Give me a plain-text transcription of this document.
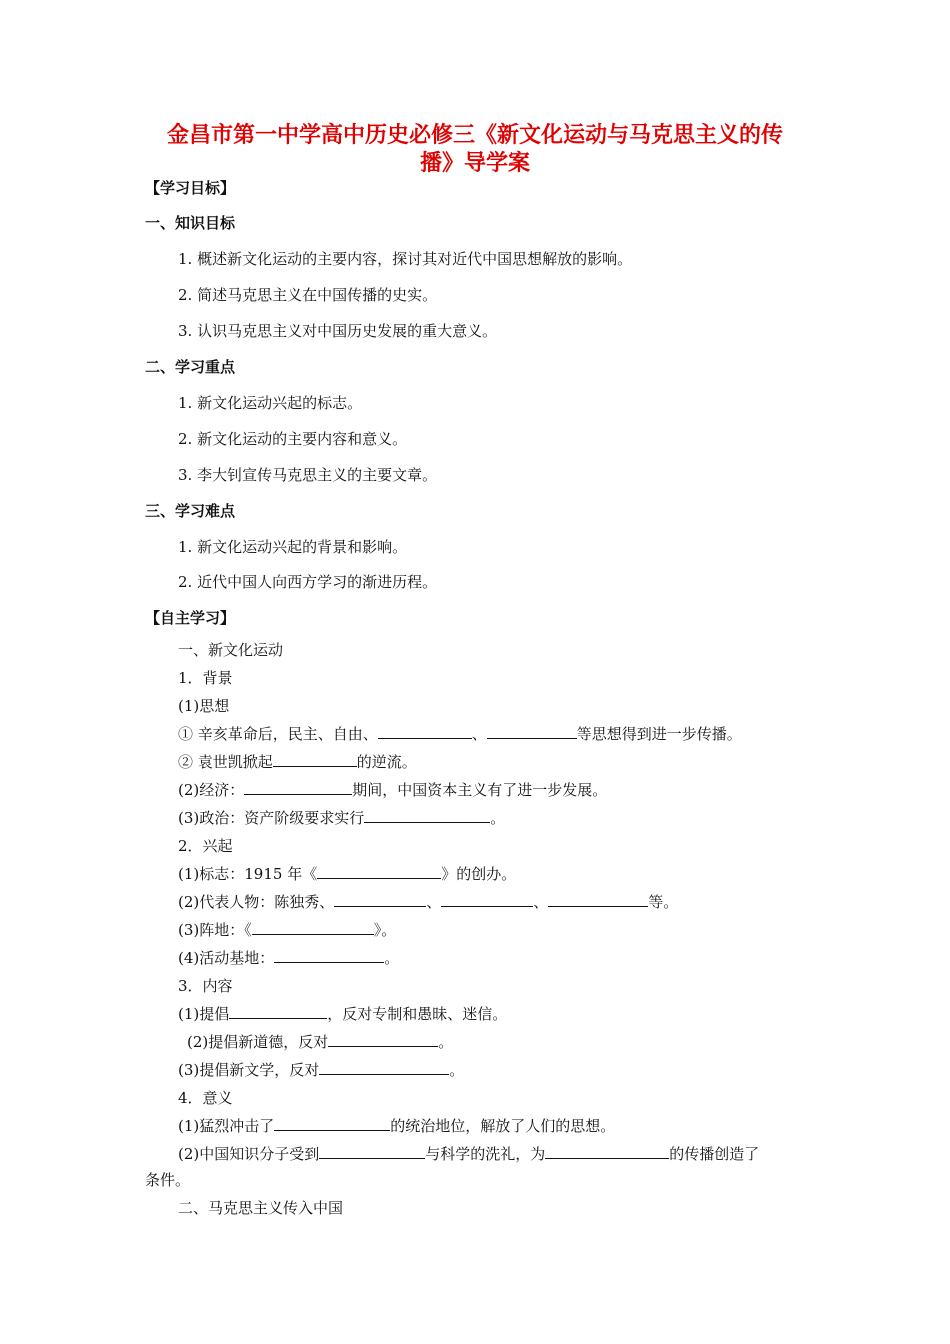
金昌市第一中学高中历史必修三《新文化运动与马克思主义的传
播》导学案
【学习目标】
一、知识目标
1. 概述新文化运动的主要内容，探讨其对近代中国思想解放的影响。
2. 简述马克思主义在中国传播的史实。
3. 认识马克思主义对中国历史发展的重大意义。
二、学习重点
1. 新文化运动兴起的标志。
2. 新文化运动的主要内容和意义。
3. 李大钊宣传马克思主义的主要文章。
三、学习难点
1. 新文化运动兴起的背景和影响。
2. 近代中国人向西方学习的渐进历程。
【自主学习】
一、新文化运动
1．背景
(1)思想
① 辛亥革命后，民主、自由、	、	等思想得到进一步传播。
② 袁世凯掀起	的逆流。
(2)经济：	期间，中国资本主义有了进一步发展。
(3)政治：资产阶级要求实行	。
2．兴起
(1)标志：1915 年《	》的创办。
(2)代表人物：陈独秀、	、	、	等。
(3)阵地：《	》。
(4)活动基地：	。
3．内容
(1)提倡	，反对专制和愚昧、迷信。
(2)提倡新道德，反对	。
(3)提倡新文学，反对	。
4．意义
(1)猛烈冲击了	的统治地位，解放了人们的思想。
(2)中国知识分子受到	与科学的洗礼，为	的传播创造了
条件。
二、马克思主义传入中国
